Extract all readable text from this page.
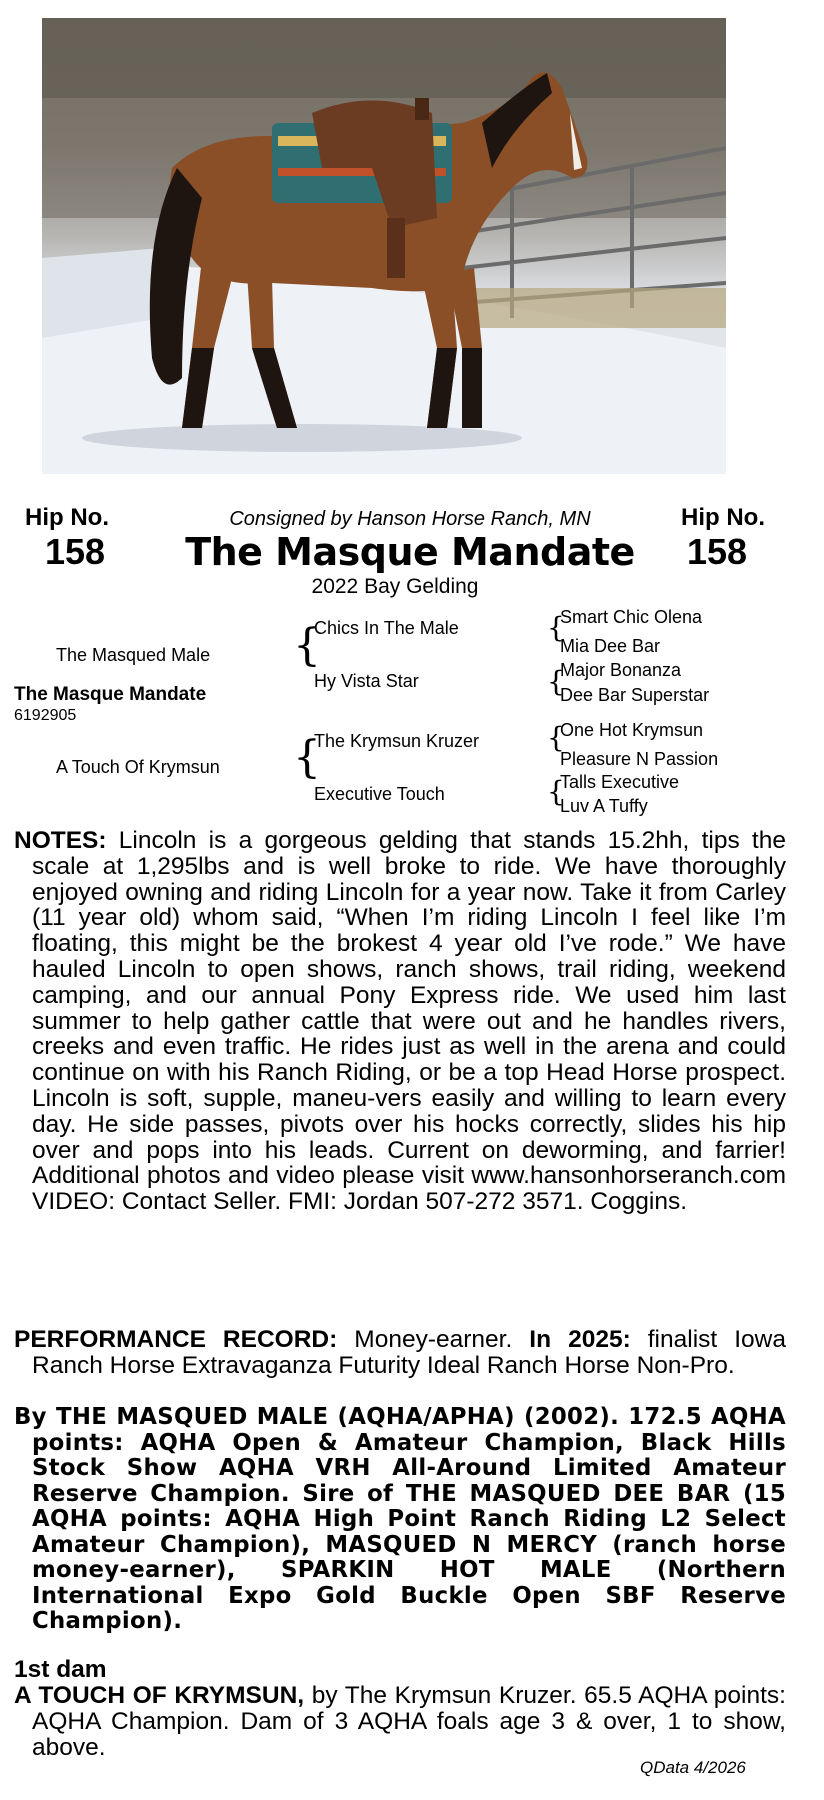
Hip No.
158
Consigned by Hanson Horse Ranch, MN
The Masque Mandate
Hip No.
158
2022 Bay Gelding
The Masqued Male
The Masque Mandate
6192905
A Touch Of Krymsun
{
{
Chics In The Male
Hy Vista Star
The Krymsun Kruzer
Executive Touch
{
{
{
{
Smart Chic Olena
Mia Dee Bar
Major Bonanza
Dee Bar Superstar
One Hot Krymsun
Pleasure N Passion
Talls Executive
Luv A Tuffy
NOTES: Lincoln is a gorgeous gelding that stands 15.2hh, tips the scale at 1,295lbs and is well broke to ride. We have thoroughly enjoyed owning and riding Lincoln for a year now. Take it from Carley (11 year old) whom said, “When I’m riding Lincoln I feel like I’m floating, this might be the brokest 4 year old I’ve rode.” We have hauled Lincoln to open shows, ranch shows, trail riding, weekend camping, and our annual Pony Express ride. We used him last summer to help gather cattle that were out and he handles rivers, creeks and even traffic. He rides just as well in the arena and could continue on with his Ranch Riding, or be a top Head Horse prospect. Lincoln is soft, supple, maneu-vers easily and willing to learn every day. He side passes, pivots over his hocks correctly, slides his hip over and pops into his leads. Current on deworming, and farrier! Additional photos and video please visit www.hansonhorseranch.com VIDEO: Contact Seller. FMI: Jordan 507-272 3571. Coggins.
PERFORMANCE RECORD: Money-earner. In 2025: finalist Iowa Ranch Horse Extravaganza Futurity Ideal Ranch Horse Non-Pro.
By THE MASQUED MALE (AQHA/APHA) (2002). 172.5 AQHA points: AQHA Open & Amateur Champion, Black Hills Stock Show AQHA VRH All-Around Limited Amateur Reserve Champion. Sire of THE MASQUED DEE BAR (15 AQHA points: AQHA High Point Ranch Riding L2 Select Amateur Champion), MASQUED N MERCY (ranch horse money-earner), SPARKIN HOT MALE (Northern International Expo Gold Buckle Open SBF Reserve Champion).
1st dam
A TOUCH OF KRYMSUN, by The Krymsun Kruzer. 65.5 AQHA points: AQHA Champion. Dam of 3 AQHA foals age 3 & over, 1 to show, above.
QData 4/2026
